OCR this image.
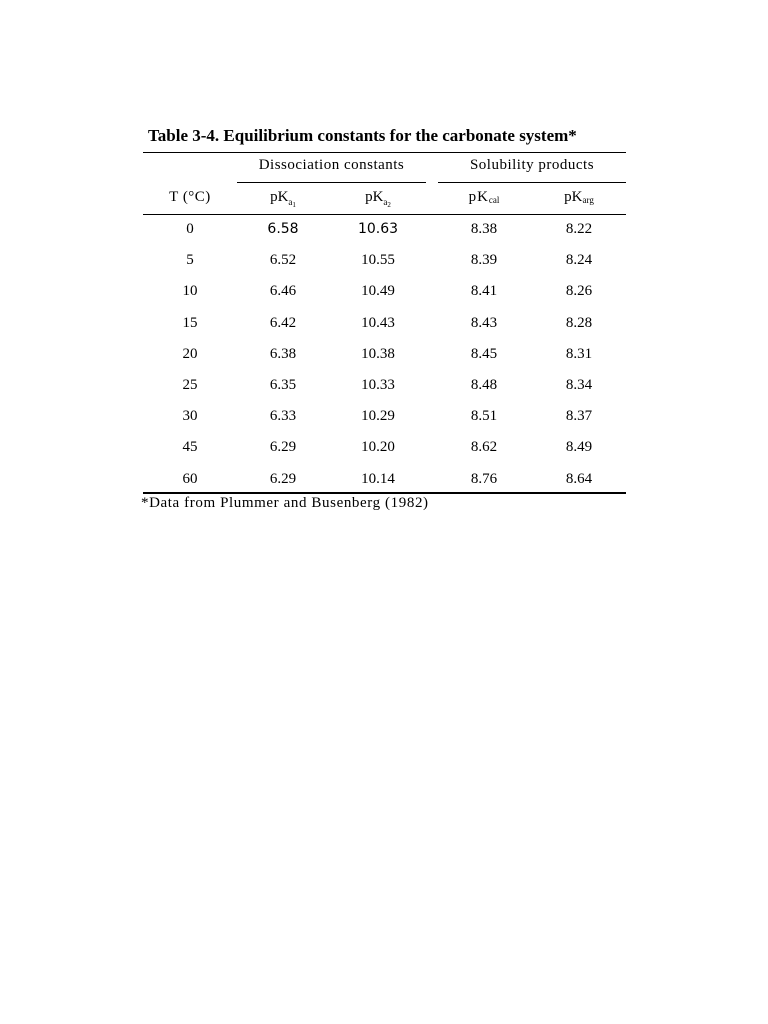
Table 3-4. Equilibrium constants for the carbonate system*
Dissociation constants	Solubility products
T (°C)	$pK_{a_1}$	$pK_{a_2}$	pKcal	pKarg
0	6.58	10.63	8.38	8.22
5	6.52	10.55	8.39	8.24
10	6.46	10.49	8.41	8.26
15	6.42	10.43	8.43	8.28
20	6.38	10.38	8.45	8.31
25	6.35	10.33	8.48	8.34
30	6.33	10.29	8.51	8.37
45	6.29	10.20	8.62	8.49
60	6.29	10.14	8.76	8.64
*Data from Plummer and Busenberg (1982)
